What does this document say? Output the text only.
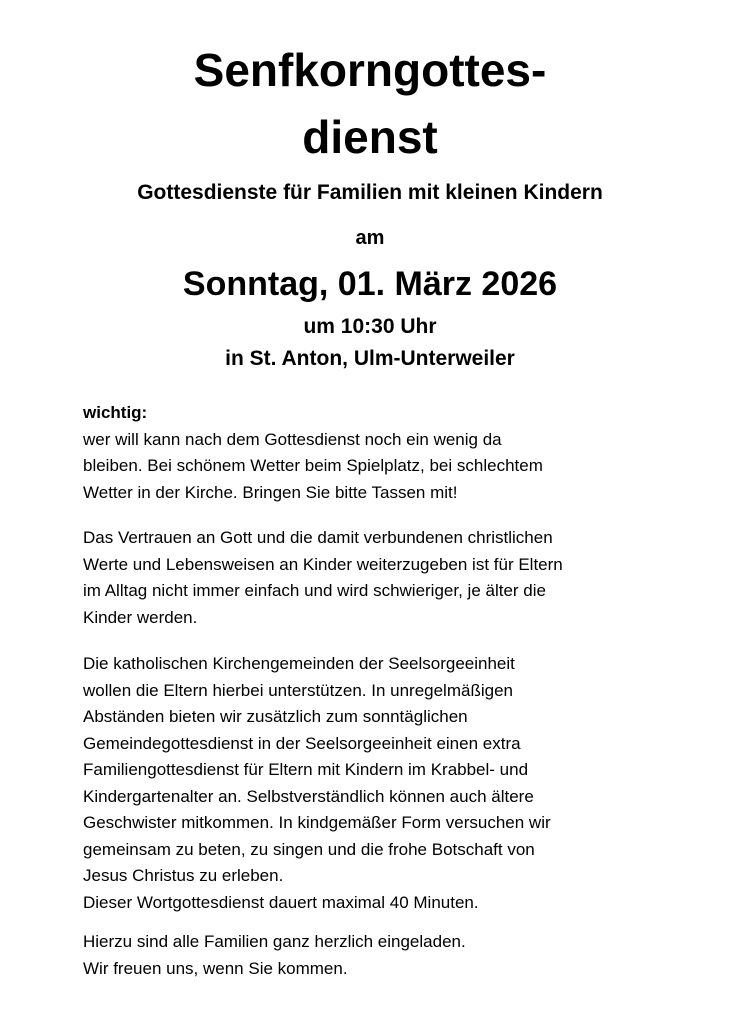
Senfkorngottes-
dienst
Gottesdienste für Familien mit kleinen Kindern
am
Sonntag, 01. März 2026
um 10:30 Uhr
in St. Anton, Ulm-Unterweiler
wichtig:
wer will kann nach dem Gottesdienst noch ein wenig da
bleiben. Bei schönem Wetter beim Spielplatz, bei schlechtem
Wetter in der Kirche. Bringen Sie bitte Tassen mit!
Das Vertrauen an Gott und die damit verbundenen christlichen
Werte und Lebensweisen an Kinder weiterzugeben ist für Eltern
im Alltag nicht immer einfach und wird schwieriger, je älter die
Kinder werden.
Die katholischen Kirchengemeinden der Seelsorgeeinheit
wollen die Eltern hierbei unterstützen. In unregelmäßigen
Abständen bieten wir zusätzlich zum sonntäglichen
Gemeindegottesdienst in der Seelsorgeeinheit einen extra
Familiengottesdienst für Eltern mit Kindern im Krabbel- und
Kindergartenalter an. Selbstverständlich können auch ältere
Geschwister mitkommen. In kindgemäßer Form versuchen wir
gemeinsam zu beten, zu singen und die frohe Botschaft von
Jesus Christus zu erleben.
Dieser Wortgottesdienst dauert maximal 40 Minuten.
Hierzu sind alle Familien ganz herzlich eingeladen.
Wir freuen uns, wenn Sie kommen.
